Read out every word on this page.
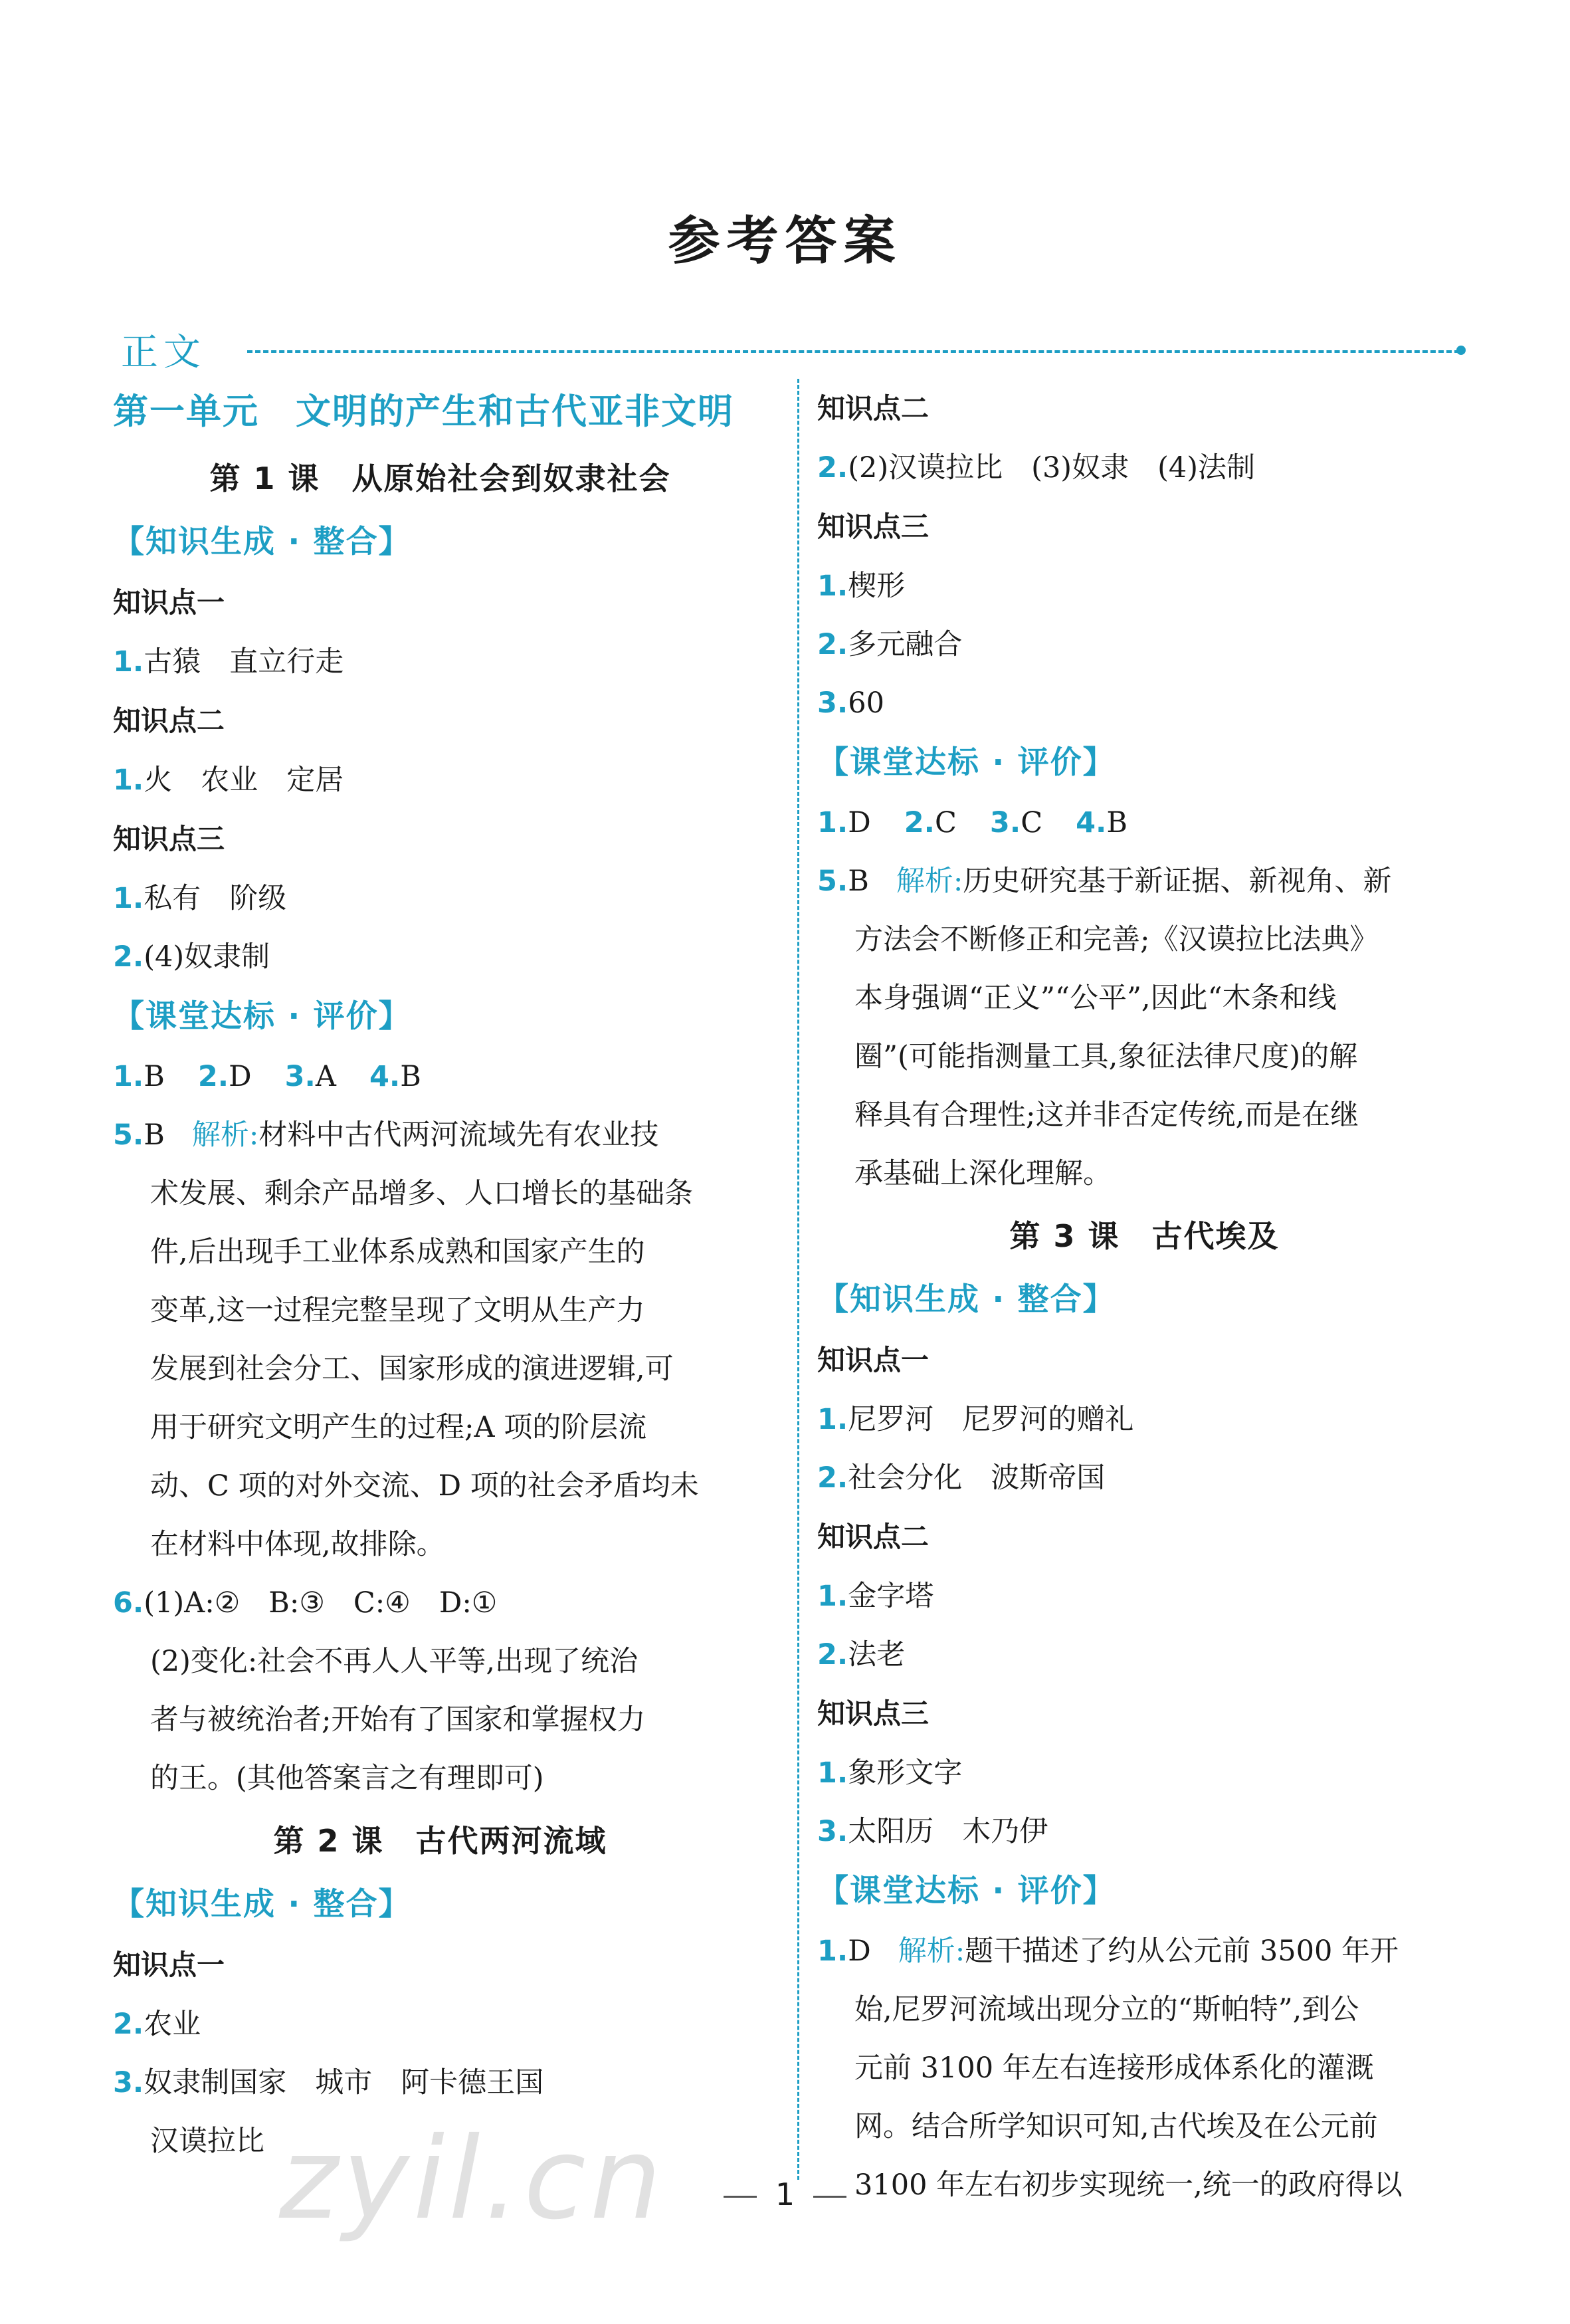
参考答案
正文
第一单元　文明的产生和古代亚非文明
第 1 课　从原始社会到奴隶社会
【知识生成 · 整合】
知识点一
1.古猿　直立行走
知识点二
1.火　农业　定居
知识点三
1.私有　阶级
2.(4)奴隶制
【课堂达标 · 评价】
1.B 2.D 3.A 4.B
5.B 解析:材料中古代两河流域先有农业技
术发展、剩余产品增多、人口增长的基础条
件,后出现手工业体系成熟和国家产生的
变革,这一过程完整呈现了文明从生产力
发展到社会分工、国家形成的演进逻辑,可
用于研究文明产生的过程;A 项的阶层流
动、C 项的对外交流、D 项的社会矛盾均未
在材料中体现,故排除。
6.(1)A:②　B:③　C:④　D:①
(2)变化:社会不再人人平等,出现了统治
者与被统治者;开始有了国家和掌握权力
的王。(其他答案言之有理即可)
第 2 课　古代两河流域
【知识生成 · 整合】
知识点一
2.农业
3.奴隶制国家　城市　阿卡德王国
汉谟拉比
知识点二
2.(2)汉谟拉比　(3)奴隶　(4)法制
知识点三
1.楔形
2.多元融合
3.60
【课堂达标 · 评价】
1.D 2.C 3.C 4.B
5.B 解析:历史研究基于新证据、新视角、新
方法会不断修正和完善;《汉谟拉比法典》
本身强调“正义”“公平”,因此“木条和线
圈”(可能指测量工具,象征法律尺度)的解
释具有合理性;这并非否定传统,而是在继
承基础上深化理解。
第 3 课　古代埃及
【知识生成 · 整合】
知识点一
1.尼罗河　尼罗河的赠礼
2.社会分化　波斯帝国
知识点二
1.金字塔
2.法老
知识点三
1.象形文字
3.太阳历　木乃伊
【课堂达标 · 评价】
1.D 解析:题干描述了约从公元前 3500 年开
始,尼罗河流域出现分立的“斯帕特”,到公
元前 3100 年左右连接形成体系化的灌溉
网。结合所学知识可知,古代埃及在公元前
3100 年左右初步实现统一,统一的政府得以
zyil.cn	1
